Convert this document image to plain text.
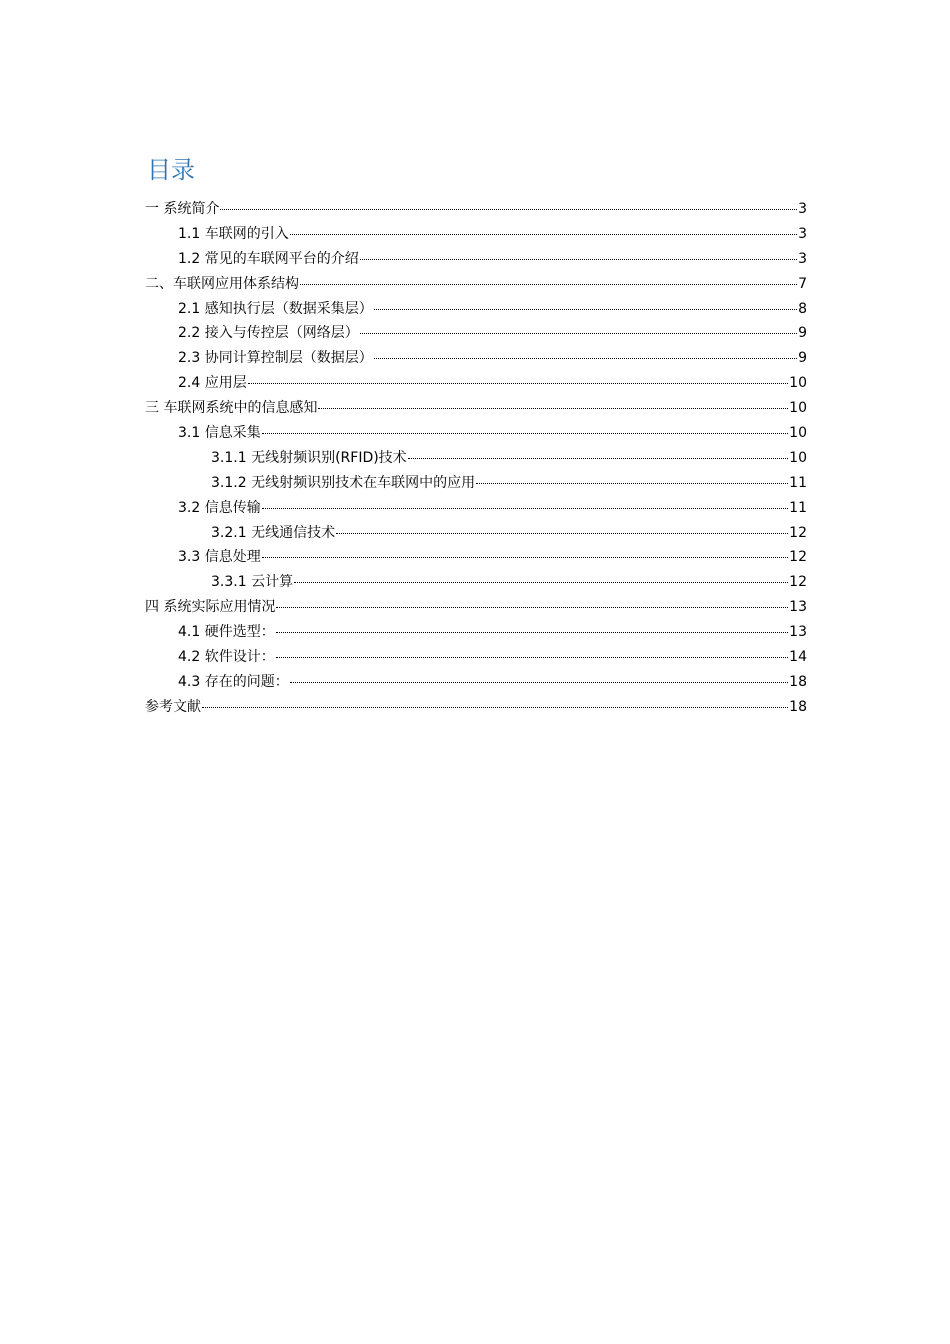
目录
一 系统简介	3
1.1 车联网的引入	3
1.2 常见的车联网平台的介绍	3
二、车联网应用体系结构	7
2.1 感知执行层（数据采集层）	8
2.2 接入与传控层（网络层）	9
2.3 协同计算控制层（数据层）	9
2.4 应用层	10
三 车联网系统中的信息感知	10
3.1 信息采集	10
3.1.1 无线射频识别(RFID)技术	10
3.1.2 无线射频识别技术在车联网中的应用	11
3.2 信息传输	11
3.2.1 无线通信技术	12
3.3 信息处理	12
3.3.1 云计算	12
四 系统实际应用情况	13
4.1 硬件选型：	13
4.2 软件设计：	14
4.3 存在的问题：	18
参考文献	18
